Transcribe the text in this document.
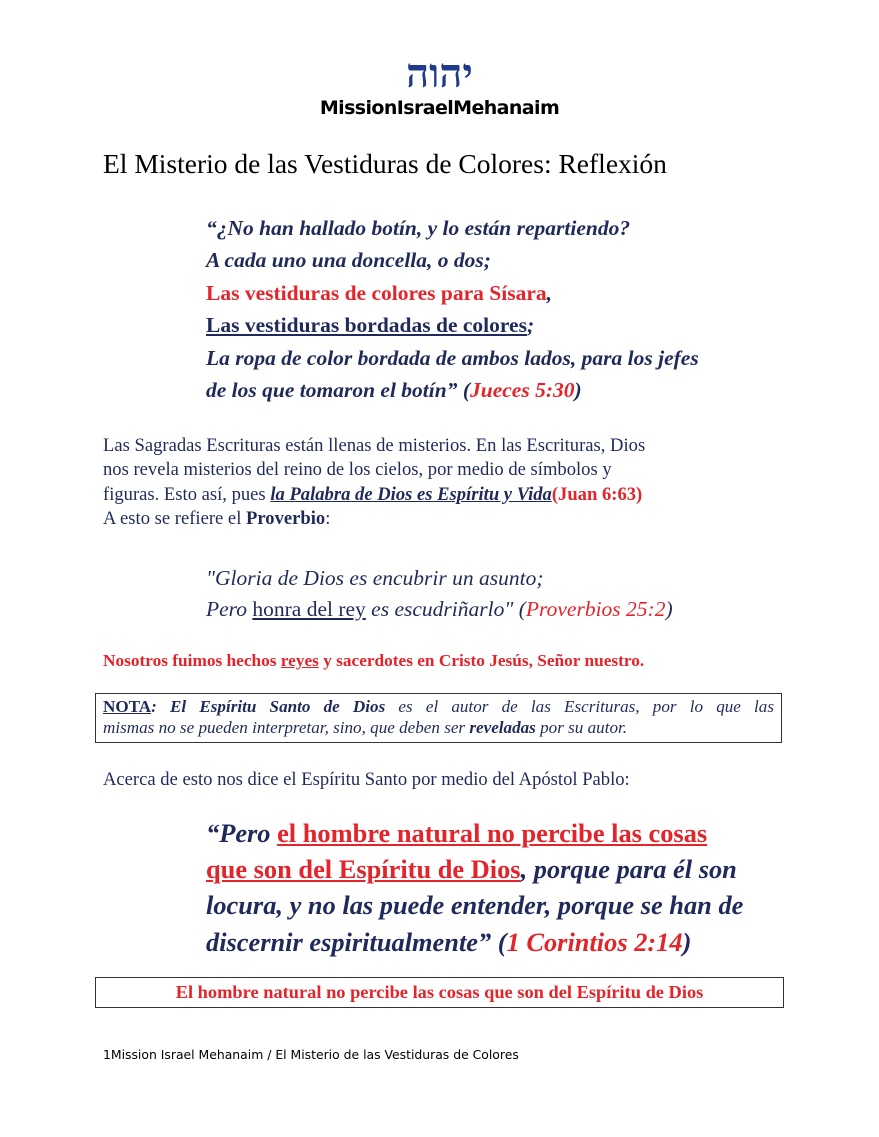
יהוה
MissionIsraelMehanaim
El Misterio de las Vestiduras de Colores: Reflexión
“¿No han hallado botín, y lo están repartiendo?
A cada uno una doncella, o dos;
Las vestiduras de colores para Sísara,
Las vestiduras bordadas de colores;
La ropa de color bordada de ambos lados, para los jefes
de los que tomaron el botín” (Jueces 5:30)
Las Sagradas Escrituras están llenas de misterios. En las Escrituras, Dios
nos revela misterios del reino de los cielos, por medio de símbolos y
figuras. Esto así, pues la Palabra de Dios es Espíritu y Vida(Juan 6:63)
A esto se refiere el Proverbio:
"Gloria de Dios es encubrir un asunto;
Pero honra del rey es escudriñarlo" (Proverbios 25:2)
Nosotros fuimos hechos reyes y sacerdotes en Cristo Jesús, Señor nuestro.
NOTA: El Espíritu Santo de Dios es el autor de las Escrituras, por lo que las
mismas no se pueden interpretar, sino, que deben ser reveladas por su autor.
Acerca de esto nos dice el Espíritu Santo por medio del Apóstol Pablo:
“Pero el hombre natural no percibe las cosas
que son del Espíritu de Dios, porque para él son
locura, y no las puede entender, porque se han de
discernir espiritualmente” (1 Corintios 2:14)
El hombre natural no percibe las cosas que son del Espíritu de Dios
1Mission Israel Mehanaim / El Misterio de las Vestiduras de Colores
